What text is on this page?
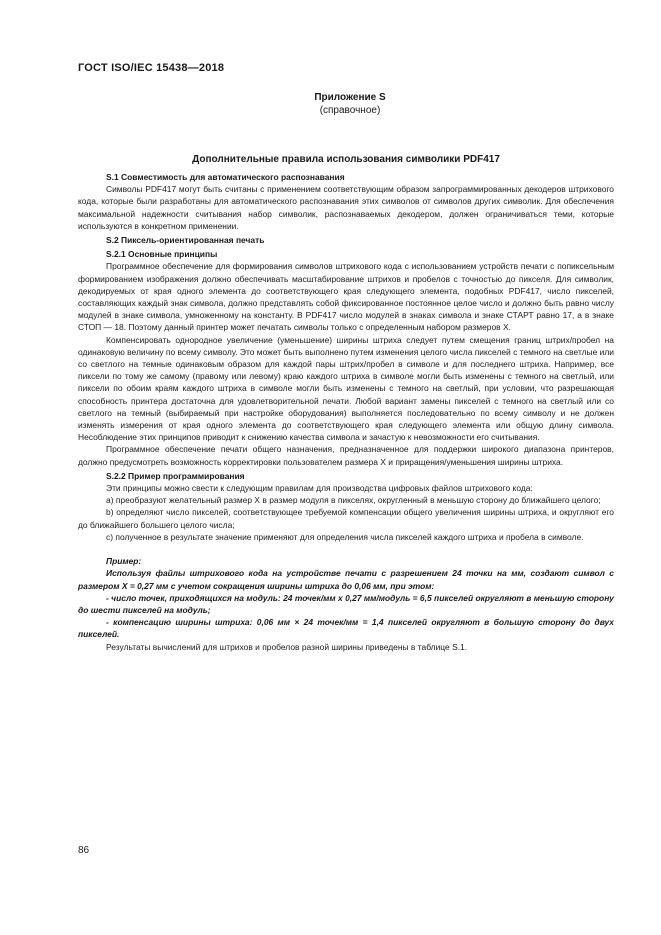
ГОСТ ISO/IEC 15438—2018
Приложение S
(справочное)
Дополнительные правила использования символики PDF417

S.1 Совместимость для автоматического распознавания

Символы PDF417 могут быть считаны с применением соответствующим образом запрограммированных декодеров штрихового кода, которые были разработаны для автоматического распознавания этих символов от символов других символик. Для обеспечения максимальной надежности считывания набор символик, распознаваемых декодером, должен ограничиваться теми, которые используются в конкретном применении.

S.2 Пиксель-ориентированная печать

S.2.1 Основные принципы

Программное обеспечение для формирования символов штрихового кода с использованием устройств печати с попиксельным формированием изображения должно обеспечивать масштабирование штрихов и пробелов с точностью до пикселя. Для символик, декодируемых от края одного элемента до соответствующего края следующего элемента, подобных PDF417, число пикселей, составляющих каждый знак символа, должно представлять собой фиксированное постоянное целое число и должно быть равно числу модулей в знаке символа, умноженному на константу. В PDF417 число модулей в знаках символа и знаке СТАРТ равно 17, а в знаке СТОП — 18. Поэтому данный принтер может печатать символы только с определенным набором размеров X.

Компенсировать однородное увеличение (уменьшение) ширины штриха следует путем смещения границ штрих/пробел на одинаковую величину по всему символу. Это может быть выполнено путем изменения целого числа пикселей с темного на светлые или со светлого на темные одинаковым образом для каждой пары штрих/пробел в символе и для последнего штриха. Например, все пиксели по тому же самому (правому или левому) краю каждого штриха в символе могли быть изменены с темного на светлый, или пиксели по обоим краям каждого штриха в символе могли быть изменены с темного на светлый, при условии, что разрешающая способность принтера достаточна для удовлетворительной печати. Любой вариант замены пикселей с темного на светлый или со светлого на темный (выбираемый при настройке оборудования) выполняется последовательно по всему символу и не должен изменять измерения от края одного элемента до соответствующего края следующего элемента или общую длину символа. Несоблюдение этих принципов приводит к снижению качества символа и зачастую к невозможности его считывания.

Программное обеспечение печати общего назначения, предназначенное для поддержки широкого диапазона принтеров, должно предусмотреть возможность корректировки пользователем размера X и приращения/уменьшения ширины штриха.

S.2.2 Пример программирования

Эти принципы можно свести к следующим правилам для производства цифровых файлов штрихового кода:

a) преобразуют желательный размер X в размер модуля в пикселях, округленный в меньшую сторону до ближайшего целого;

b) определяют число пикселей, соответствующее требуемой компенсации общего увеличения ширины штриха, и округляют его до ближайшего большего целого числа;

c) полученное в результате значение применяют для определения числа пикселей каждого штриха и пробела в символе.

Пример:

Используя файлы штрихового кода на устройстве печати с разрешением 24 точки на мм, создают символ с размером X = 0,27 мм с учетом сокращения ширины штриха до 0,06 мм, при этом:

- число точек, приходящихся на модуль: 24 точек/мм x 0,27 мм/модуль = 6,5 пикселей округляют в меньшую сторону до шести пикселей на модуль;

- компенсацию ширины штриха: 0,06 мм × 24 точек/мм = 1,4 пикселей округляют в большую сторону до двух пикселей.

Результаты вычислений для штрихов и пробелов разной ширины приведены в таблице S.1.

86
